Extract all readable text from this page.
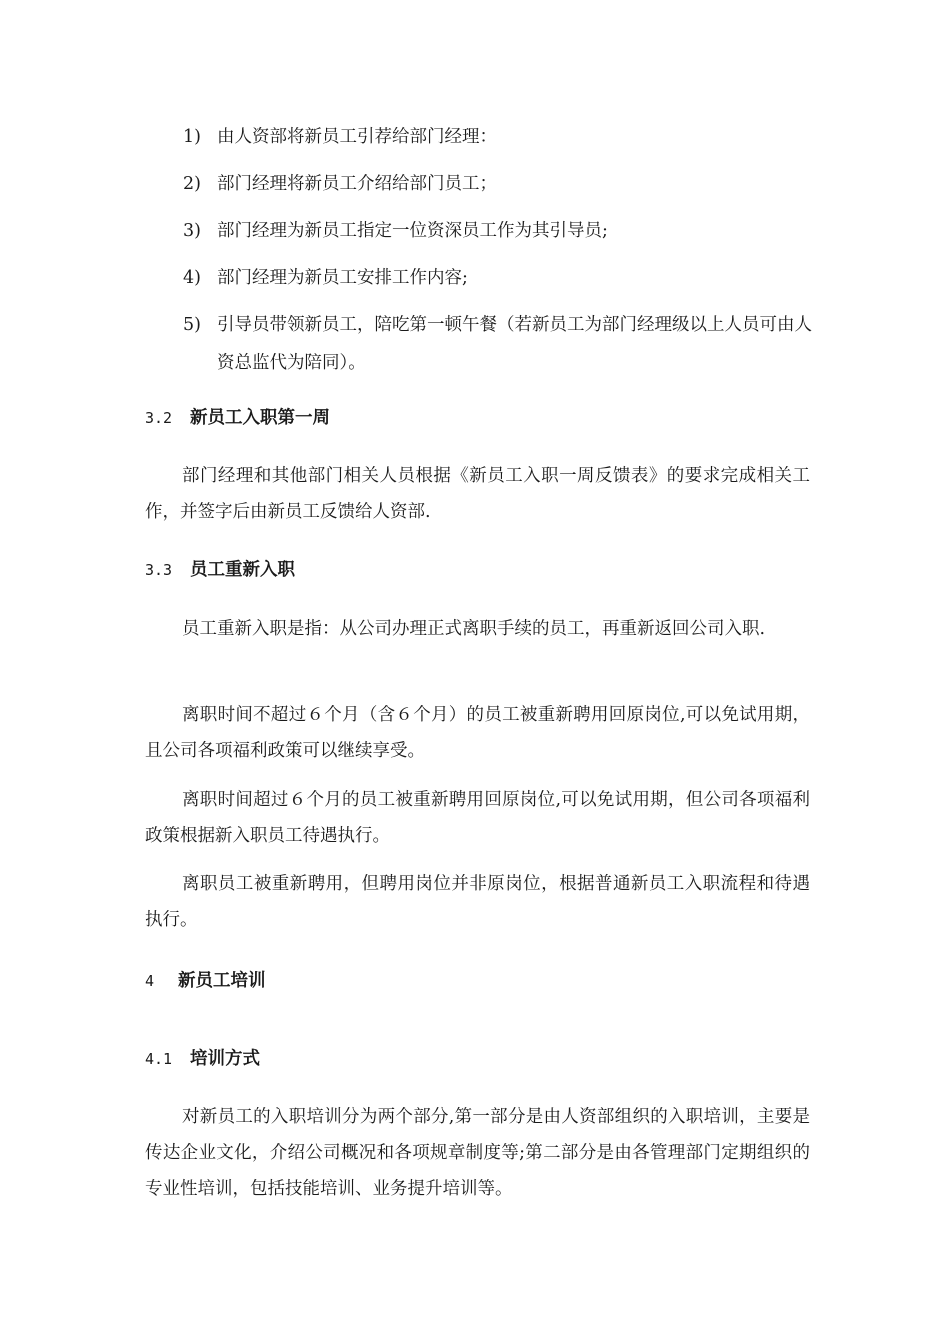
1) 由人资部将新员工引荐给部门经理：
2) 部门经理将新员工介绍给部门员工；
3) 部门经理为新员工指定一位资深员工作为其引导员;
4) 部门经理为新员工安排工作内容;
5) 引导员带领新员工，陪吃第一顿午餐（若新员工为部门经理级以上人员可由人资总监代为陪同）。
3.2 新员工入职第一周
部门经理和其他部门相关人员根据《新员工入职一周反馈表》的要求完成相关工作，并签字后由新员工反馈给人资部.
3.3 员工重新入职
员工重新入职是指：从公司办理正式离职手续的员工，再重新返回公司入职.
离职时间不超过６个月（含６个月）的员工被重新聘用回原岗位,可以免试用期，且公司各项福利政策可以继续享受。
离职时间超过６个月的员工被重新聘用回原岗位,可以免试用期，但公司各项福利政策根据新入职员工待遇执行。
离职员工被重新聘用，但聘用岗位并非原岗位，根据普通新员工入职流程和待遇执行。
4 新员工培训
4.1 培训方式
对新员工的入职培训分为两个部分,第一部分是由人资部组织的入职培训，主要是传达企业文化，介绍公司概况和各项规章制度等;第二部分是由各管理部门定期组织的专业性培训，包括技能培训、业务提升培训等。
